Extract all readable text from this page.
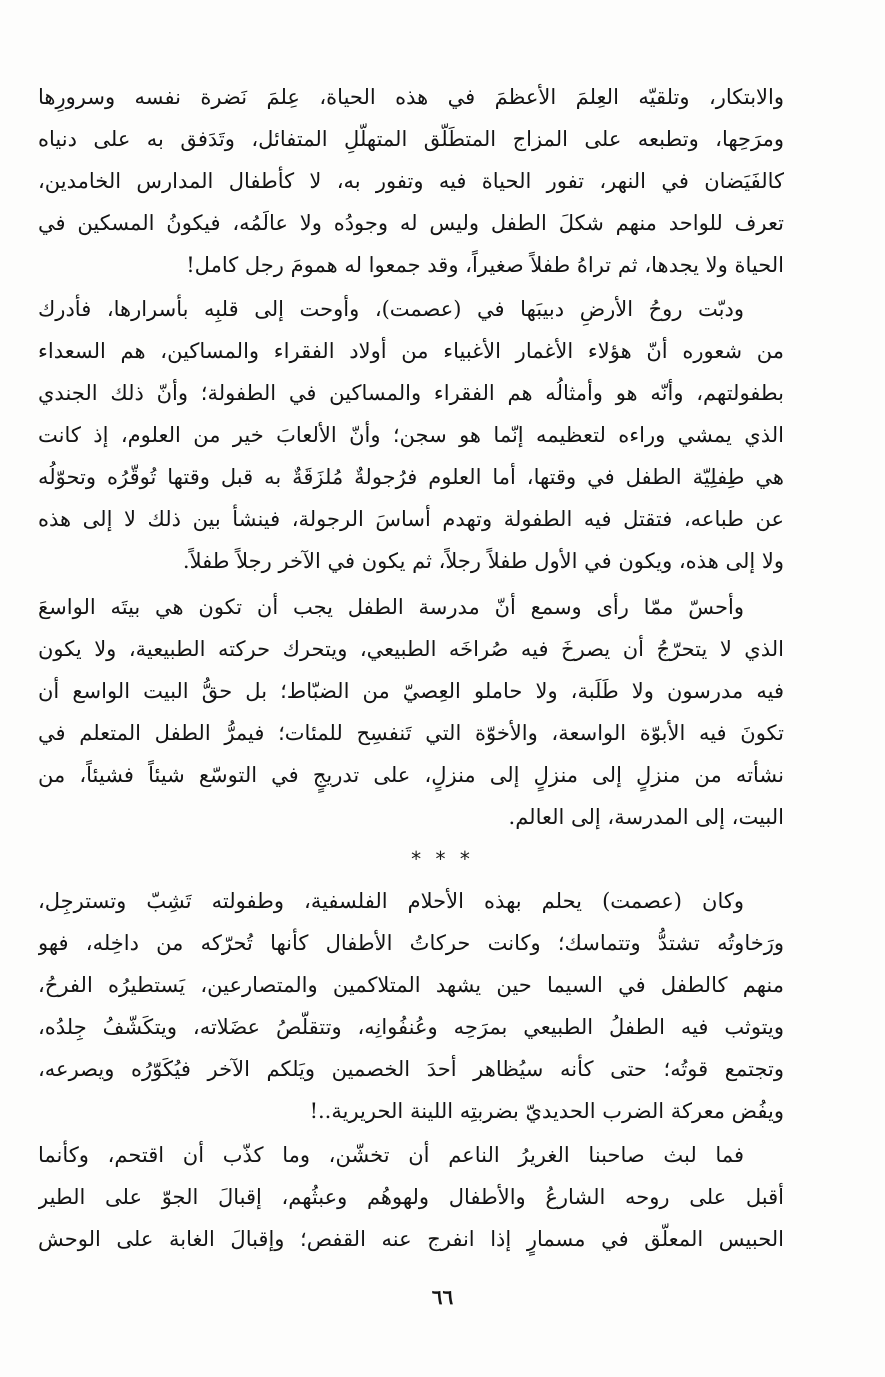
والابتكار، وتلقيّه العِلمَ الأعظمَ في هذه الحياة، عِلمَ نَضرة نفسه وسرورِها
ومرَحِها، وتطبعه على المزاج المتطَلّق المتهلّلِ المتفائل، وتَدَفق به على دنياه
كالفَيَضان في النهر، تفور الحياة فيه وتفور به، لا كأطفال المدارس الخامدين،
تعرف للواحد منهم شكلَ الطفل وليس له وجودُه ولا عالَمُه، فيكونُ المسكين في
الحياة ولا يجدها، ثم تراهُ طفلاً صغيراً، وقد جمعوا له همومَ رجل كامل!
ودبّت روحُ الأرضِ دبيبَها في (عصمت)، وأوحت إلى قلبِه بأسرارها، فأدرك
من شعوره أنّ هؤلاء الأغمار الأغبياء من أولاد الفقراء والمساكين، هم السعداء
بطفولتهم، وأنّه هو وأمثالُه هم الفقراء والمساكين في الطفولة؛ وأنّ ذلك الجندي
الذي يمشي وراءه لتعظيمه إنّما هو سجن؛ وأنّ الألعابَ خير من العلوم، إذ كانت
هي طِفلِيّة الطفل في وقتها، أما العلوم فرُجولةٌ مُلزَقَةٌ به قبل وقتها تُوقّرُه وتحوّلُه
عن طباعه، فتقتل فيه الطفولة وتهدم أساسَ الرجولة، فينشأ بين ذلك لا إلى هذه
ولا إلى هذه، ويكون في الأول طفلاً رجلاً، ثم يكون في الآخر رجلاً طفلاً.
وأحسّ ممّا رأى وسمع أنّ مدرسة الطفل يجب أن تكون هي بيتَه الواسعَ
الذي لا يتحرّجُ أن يصرخَ فيه صُراخَه الطبيعي، ويتحرك حركته الطبيعية، ولا يكون
فيه مدرسون ولا طَلَبة، ولا حاملو العِصيّ من الضبّاط؛ بل حقُّ البيت الواسع أن
تكونَ فيه الأبوّة الواسعة، والأخوّة التي تَنفسِح للمئات؛ فيمرُّ الطفل المتعلم في
نشأته من منزلٍ إلى منزلٍ إلى منزلٍ، على تدريجٍ في التوسّع شيئاً فشيئاً، من
البيت، إلى المدرسة، إلى العالم.
* * *
وكان (عصمت) يحلم بهذه الأحلام الفلسفية، وطفولته تَشِبّ وتسترجِل،
ورَخاوتُه تشتدُّ وتتماسك؛ وكانت حركاتُ الأطفال كأنها تُحرّكه من داخِله، فهو
منهم كالطفل في السيما حين يشهد المتلاكمين والمتصارعين، يَستطيرُه الفرحُ،
ويتوثب فيه الطفلُ الطبيعي بمرَحِه وعُنفُوانِه، وتتقلّصُ عضَلاته، ويتكَشّفُ جِلدُه،
وتجتمع قوتُه؛ حتى كأنه سيُظاهر أحدَ الخصمين ويَلكم الآخر فيُكَوّرُه ويصرعه،
ويفُض معركة الضرب الحديديّ بضربتِه اللينة الحريرية..!
فما لبث صاحبنا الغريرُ الناعم أن تخشّن، وما كذّب أن اقتحم، وكأنما
أقبل على روحه الشارعُ والأطفال ولهوهُم وعبثُهم، إقبالَ الجوّ على الطير
الحبيس المعلّق في مسمارٍ إذا انفرج عنه القفص؛ وإقبالَ الغابة على الوحش
٦٦
